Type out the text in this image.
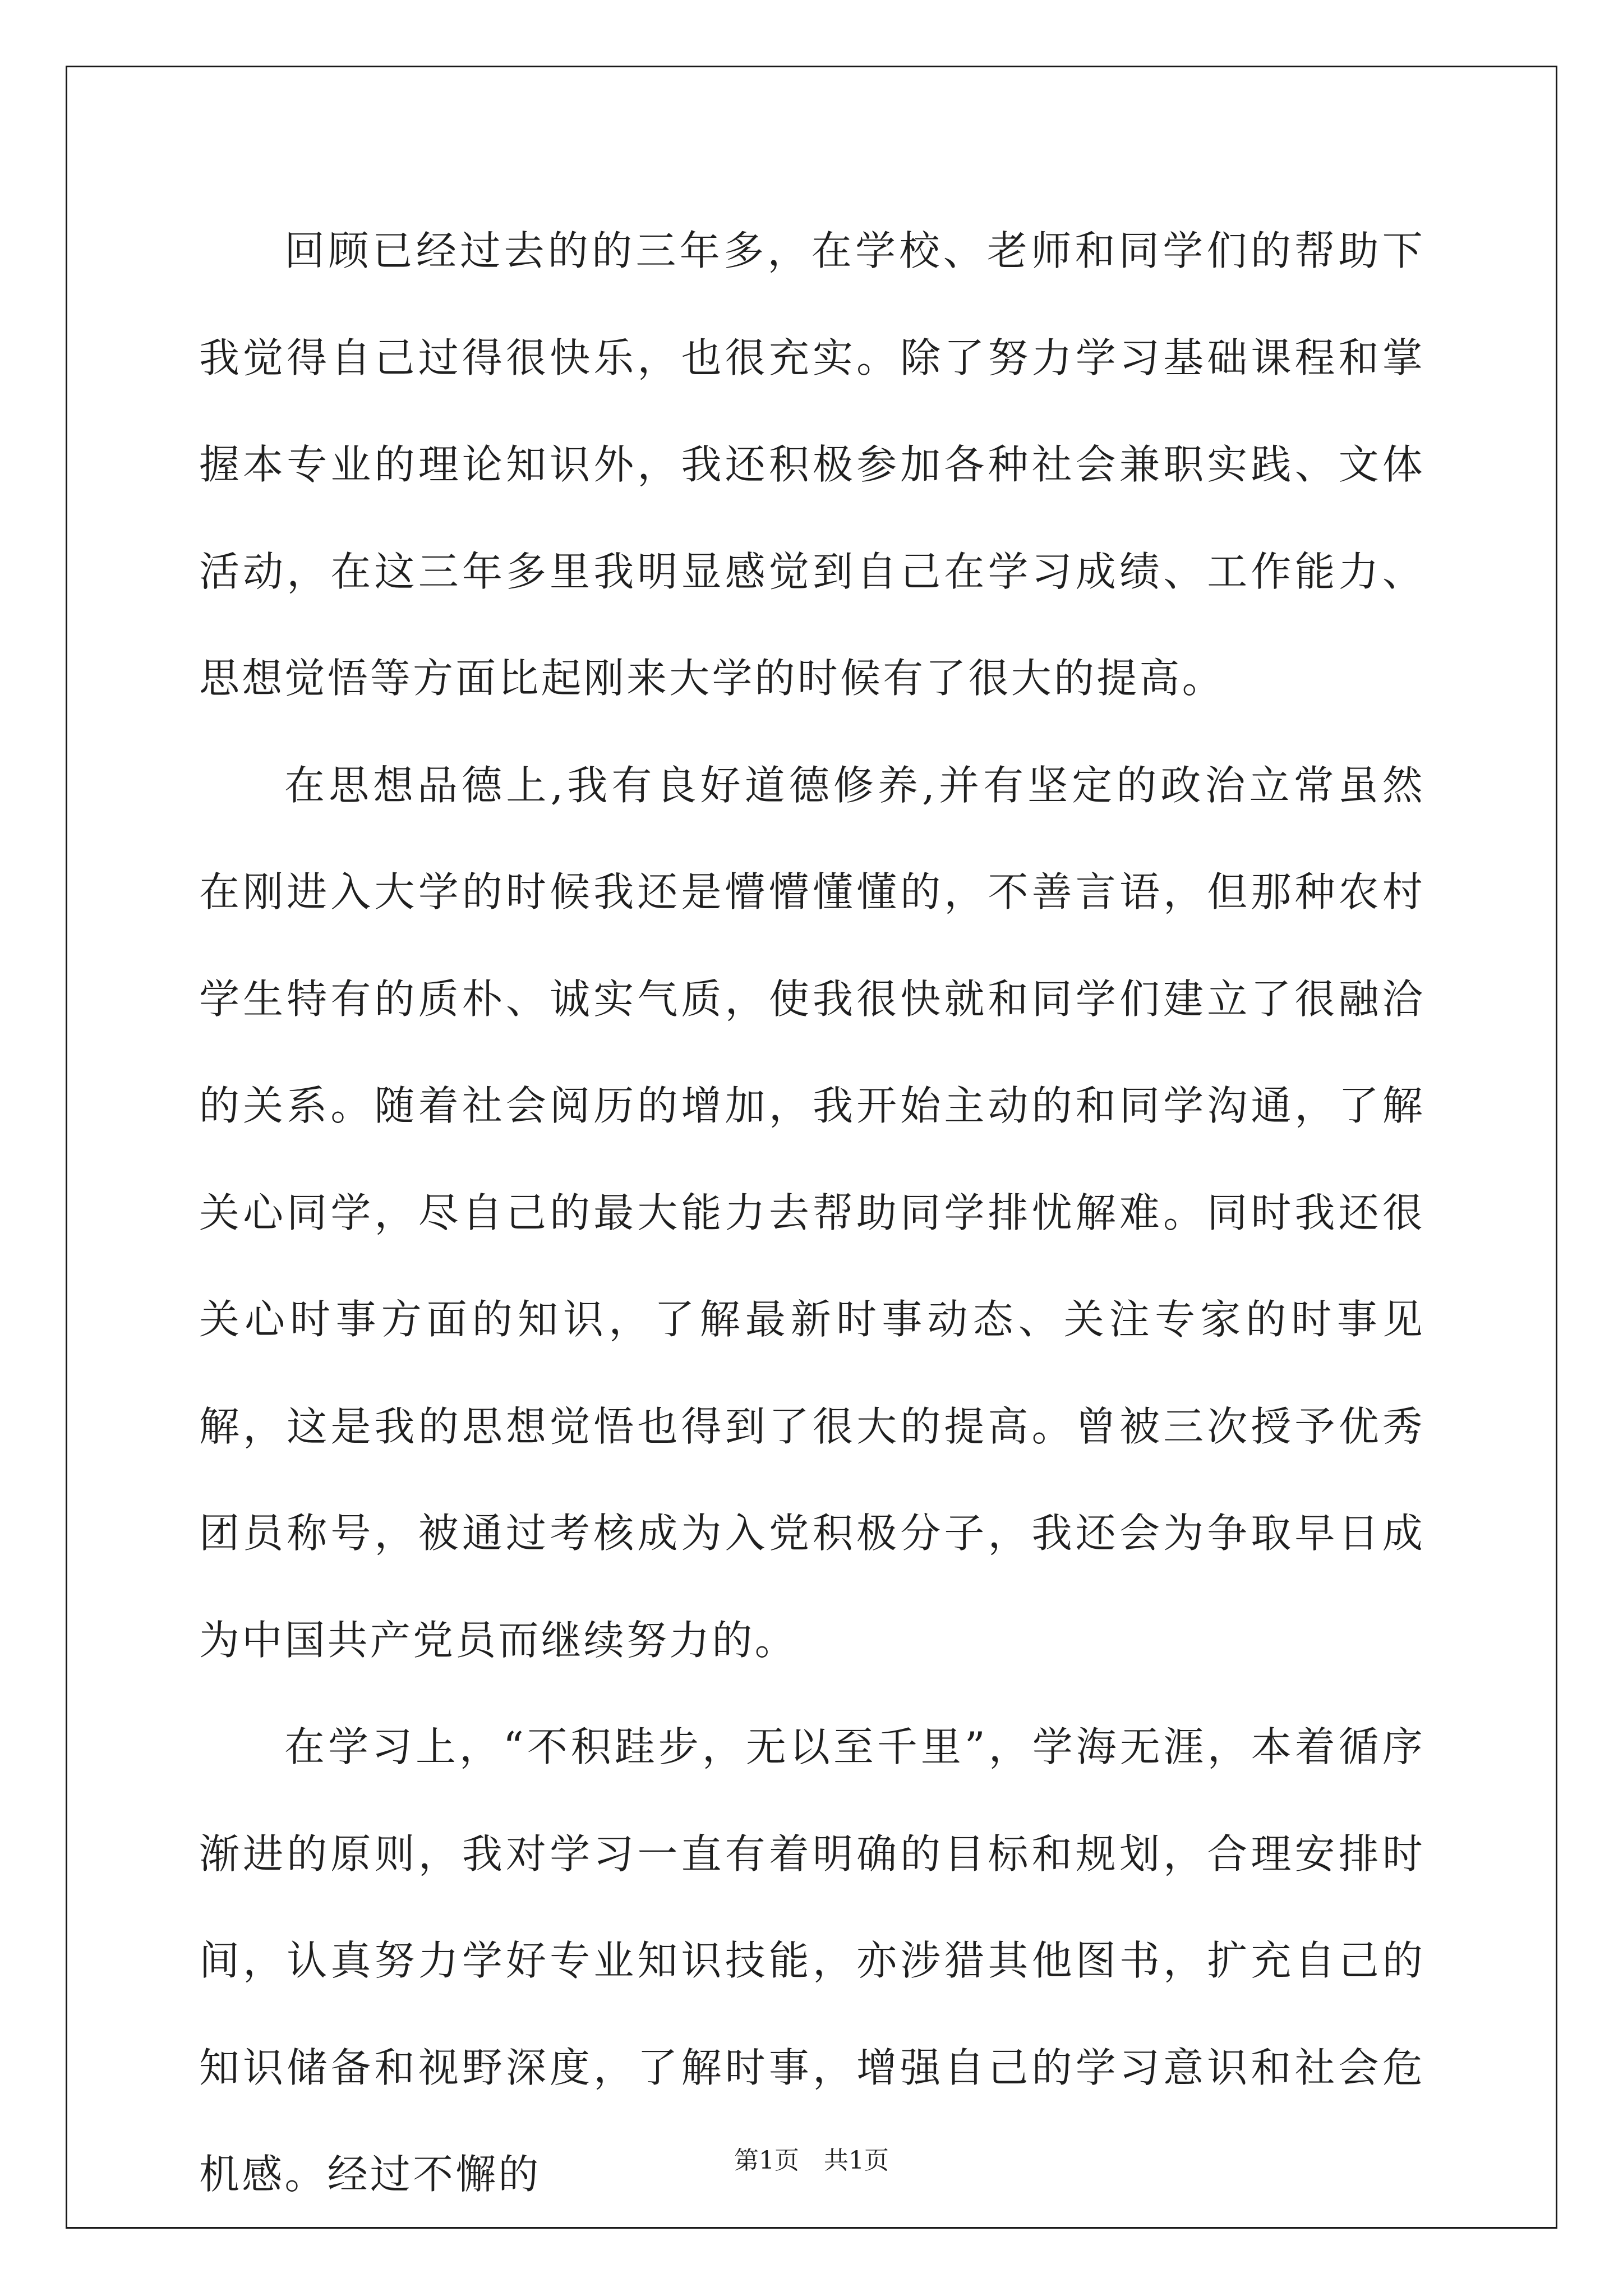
回顾已经过去的的三年多，在学校、老师和同学们的帮助下我觉得自己过得很快乐，也很充实。除了努力学习基础课程和掌握本专业的理论知识外，我还积极参加各种社会兼职实践、文体活动，在这三年多里我明显感觉到自己在学习成绩、工作能力、思想觉悟等方面比起刚来大学的时候有了很大的提高。

在思想品德上,我有良好道德修养,并有坚定的政治立常虽然在刚进入大学的时候我还是懵懵懂懂的，不善言语，但那种农村学生特有的质朴、诚实气质，使我很快就和同学们建立了很融洽的关系。随着社会阅历的增加，我开始主动的和同学沟通，了解关心同学，尽自己的最大能力去帮助同学排忧解难。同时我还很关心时事方面的知识，了解最新时事动态、关注专家的时事见解，这是我的思想觉悟也得到了很大的提高。曾被三次授予优秀团员称号，被通过考核成为入党积极分子，我还会为争取早日成为中国共产党员而继续努力的。

在学习上，“不积跬步，无以至千里”，学海无涯，本着循序渐进的原则，我对学习一直有着明确的目标和规划，合理安排时间，认真努力学好专业知识技能，亦涉猎其他图书，扩充自己的知识储备和视野深度，了解时事，增强自己的学习意识和社会危机感。经过不懈的	第1页 共1页
